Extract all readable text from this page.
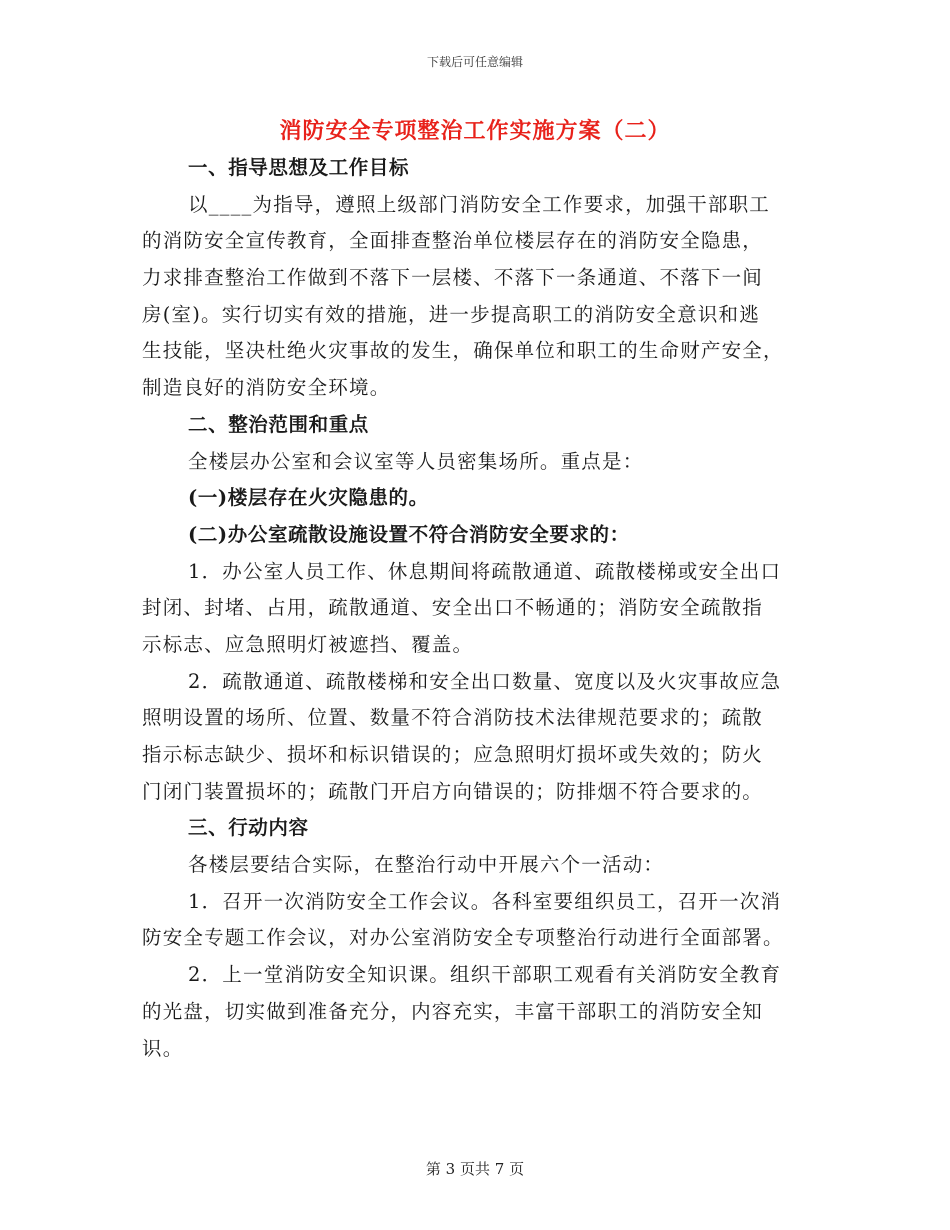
下载后可任意编辑
消防安全专项整治工作实施方案（二）
一、指导思想及工作目标
以____为指导，遵照上级部门消防安全工作要求，加强干部职工
的消防安全宣传教育，全面排查整治单位楼层存在的消防安全隐患，
力求排查整治工作做到不落下一层楼、不落下一条通道、不落下一间
房(室)。实行切实有效的措施，进一步提高职工的消防安全意识和逃
生技能，坚决杜绝火灾事故的发生，确保单位和职工的生命财产安全，
制造良好的消防安全环境。
二、整治范围和重点
全楼层办公室和会议室等人员密集场所。重点是：
(一)楼层存在火灾隐患的。
(二)办公室疏散设施设置不符合消防安全要求的：
1．办公室人员工作、休息期间将疏散通道、疏散楼梯或安全出口
封闭、封堵、占用，疏散通道、安全出口不畅通的；消防安全疏散指
示标志、应急照明灯被遮挡、覆盖。
2．疏散通道、疏散楼梯和安全出口数量、宽度以及火灾事故应急
照明设置的场所、位置、数量不符合消防技术法律规范要求的；疏散
指示标志缺少、损坏和标识错误的；应急照明灯损坏或失效的；防火
门闭门装置损坏的；疏散门开启方向错误的；防排烟不符合要求的。
三、行动内容
各楼层要结合实际，在整治行动中开展六个一活动：
1．召开一次消防安全工作会议。各科室要组织员工，召开一次消
防安全专题工作会议，对办公室消防安全专项整治行动进行全面部署。
2．上一堂消防安全知识课。组织干部职工观看有关消防安全教育
的光盘，切实做到准备充分，内容充实，丰富干部职工的消防安全知
识。
第 3 页共 7 页
